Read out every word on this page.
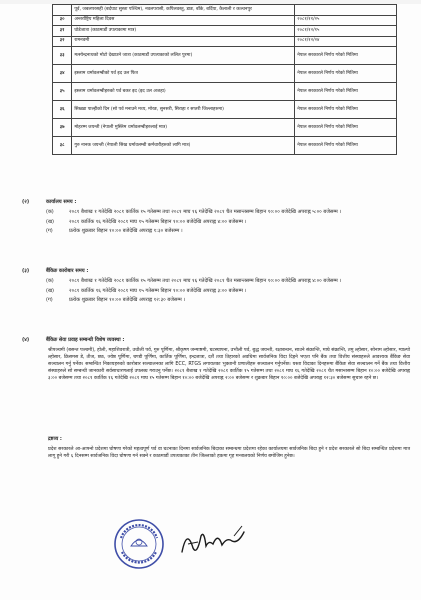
	पूर्व, जबलपरसही (बर्दघाट सुस्ता पश्चिम), नवलपरासी, कपिलवस्तु, डाङ, बाँके, बर्दिया, कैलाली र कञ्चनपुर	
३०	अन्तर्राष्ट्रिय महिला दिवस	२०८१/११/२५
३१	घोडेजात्रा (काठमाडौं उपत्यकामा मात्र)	२०८१/१२/१५
३२	रामनवमी	२०८१/१२/२४
३३	मत्स्येन्द्रनाथको मोटो देखाउने जात्रा (काठमाडौं उपत्यकाको ललित पुरमा)	नेपाल सरकारले निर्णय गरेको मितिमा
३४	इस्लाम धर्मावलम्बीको पर्व इद उल फित्र	नेपाल सरकारले निर्णय गरेको मितिमा
३५	इस्लाम धर्मावलम्बीहरुको पर्व बकर इद (इद उल अजहा)	नेपाल सरकारले निर्णय गरेको मितिमा
३६	सिख्खा पाल्हीको दिन (सो पर्व मनाउने मध्य, मोरङ, सुनसरी, सिराहा र सप्तरी जिल्लाहरुमा)	नेपाल सरकारले निर्णय गरेको मितिमा
३७	मोहरम्म जयन्ती (नेपाली मुस्लिम धर्मावलम्बीहरुलाई मात्र)	नेपाल सरकारले निर्णय गरेको मितिमा
३८	गुरु नानक जयन्ती (नेपाली सिख धर्मावलम्बी कर्मचारीहरुको लागि मात्र)	नेपाल सरकारले निर्णय गरेको मितिमा
(२)	कार्यालय समय :
(क)	२०८१ बैशाख १ गतेदेखि २०८१ कार्तिक १५ गतेसम्म तथा २०८१ माघ १६ गतेदेखि २०८१ चैत मसान्तसम्म बिहान १०:०० बजेदेखि अपराह्न ५:०० बजेसम्म ।
(ख)	२०८१ कार्तिक १६ गतेदेखि २०८१ माघ १५ गतेसम्म बिहान १०:०० बजेदेखि अपराह्न ४:०० बजेसम्म ।
(ग)	प्रत्येक शुक्रबार बिहान १०:०० बजेदेखि अपराह्न १:३० बजेसम्म ।
(३)	बैंकिङ कारोबार समय :
(क)	२०८१ बैशाख १ गतेदेखि २०८१ कार्तिक १५ गतेसम्म तथा २०८१ माघ १६ गतेदेखि २०८१ चैत मसान्तसम्म बिहान १०:०० बजेदेखि अपराह्न ४:०० बजेसम्म ।
(ख)	२०८१ कार्तिक १६ गतेदेखि २०८१ माघ १५ गतेसम्म बिहान १०:०० बजेदेखि अपराह्न ३:०० बजेसम्म ।
(ग)	प्रत्येक शुक्रबार बिहान १०:०० बजेदेखि अपराह्न १२:३० बजेसम्म ।
(४)	बैंकिङ सेवा प्रवाह सम्बन्धी विशेष व्यवस्था :
श्रीपञ्चमी (बसन्त पञ्चमी), होली, महाशिवरात्री, उधौली पर्व, गुरु पूर्णिमा, श्रीकृष्ण जन्माष्टमी, घटस्थापना, उभौली पर्व, बुद्ध जयन्ती, रक्षाबन्धन, साउने संक्रान्ति, माघे संक्रान्ति, तमु ल्होसार, सोनाम ल्होसार, ग्याल्पो ल्होसार, क्रिसमस डे, तीज, छठ, ज्येष्ठ पूर्णिमा, चण्डी पूर्णिमा, कार्तिक पूर्णिमा, इन्द्रजात्रा, दशैं तथा तिहारको अवधिमा सार्वजनिक विदा दिइने भएता पनि बैंक तथा वित्तीय संस्थाहरुले आवश्यक बैंकिङ सेवा सञ्चालन गर्नु पर्नेछ। सम्बन्धित निकायहरुको कारोबार सञ्चालनका लागि ECC, RTGS लगायतका भुक्तानी प्रणालीहरु सञ्चालन गर्नुपर्नेछ। यस्ता विदाका दिनहरुमा बैंकिङ सेवा सञ्चालन गर्ने बैंक तथा वित्तीय संस्थाहरुले सो सम्बन्धी जानकारी सर्वसाधारणलाई उपलब्ध गराउनु पर्नेछ। २०८१ बैशाख १ गतेदेखि २०८१ कार्तिक १५ गतेसम्म तथा २०८१ माघ १६ गतेदेखि २०८१ चैत मसान्तसम्म बिहान १०:०० बजेदेखि अपराह्न ३:०० बजेसम्म तथा २०८१ कार्तिक १६ गतेदेखि २०८१ माघ १५ गतेसम्म बिहान १०:०० बजेदेखि अपराह्न २:०० बजेसम्म र शुक्रबार बिहान १०:०० बजेदेखि अपराह्न १२:३० बजेसम्म सुचारु रहने छ।
द्रष्टव्य :
प्रदेश सरकारले आ-आफ्नो प्रदेशमा घोषणा गरेको महत्वपूर्ण पर्व वा घटनाका दिनमा सार्वजनिक बिदाका सम्बन्धमा प्रदेशमा रहेका कार्यालयमा सार्वजनिक बिदा हुने र प्रदेश सरकारले सो बिदा सम्बन्धित प्रदेशमा मात्र लागू हुने गरी ६ दिनसम्म सार्वजनिक विदा घोषणा गर्न सक्ने र काठमाडौं उपत्यकाका तीन जिल्लाको हकमा गृह मन्त्रालयको निर्णय बमोजिम हुनेछ।
